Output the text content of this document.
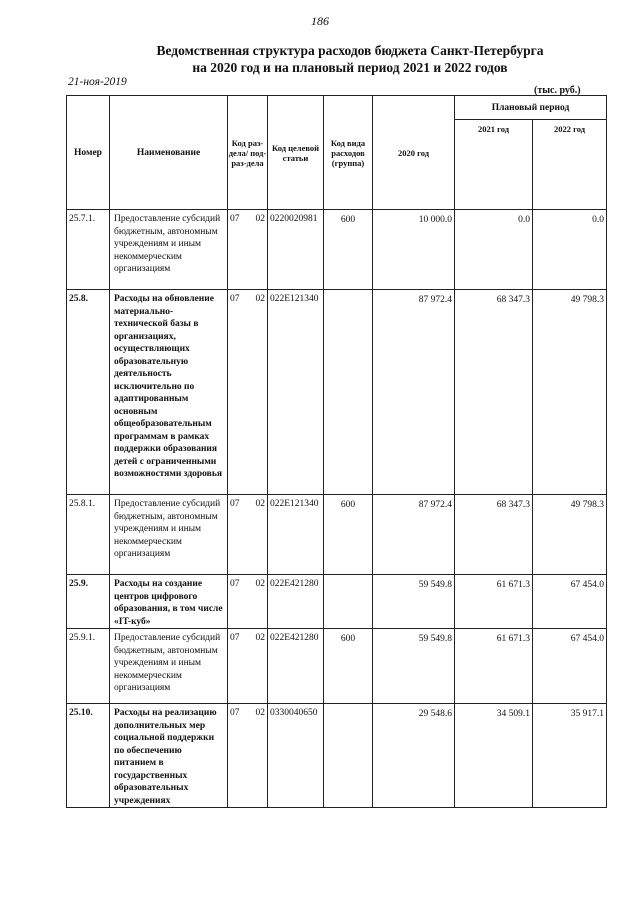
186
Ведомственная структура расходов бюджета Санкт-Петербурга
на 2020 год и на плановый период 2021 и 2022 годов
21-ноя-2019
(тыс. руб.)
Номер	Наименование	Код раз-дела/ под-раз-дела	Код целевой статьи	Код вида расходов (группа)	2020 год	Плановый период	
						2021 год	2022 год
25.7.1.	Предоставление субсидий бюджетным, автономным учреждениям и иным некоммерческим организациям	07 02	0220020981	600	10 000.0	0.0	0.0
25.8.	Расходы на обновление материально-технической базы в организациях, осуществляющих образовательную деятельность исключительно по адаптированным основным общеобразовательным программам в рамках поддержки образования детей с ограниченными возможностями здоровья	07 02	022E121340		87 972.4	68 347.3	49 798.3
25.8.1.	Предоставление субсидий бюджетным, автономным учреждениям и иным некоммерческим организациям	07 02	022E121340	600	87 972.4	68 347.3	49 798.3
25.9.	Расходы на создание центров цифрового образования, в том числе «IT-куб»	07 02	022E421280		59 549.8	61 671.3	67 454.0
25.9.1.	Предоставление субсидий бюджетным, автономным учреждениям и иным некоммерческим организациям	07 02	022E421280	600	59 549.8	61 671.3	67 454.0
25.10.	Расходы на реализацию дополнительных мер социальной поддержки по обеспечению питанием в государственных образовательных учреждениях	07 02	0330040650		29 548.6	34 509.1	35 917.1
